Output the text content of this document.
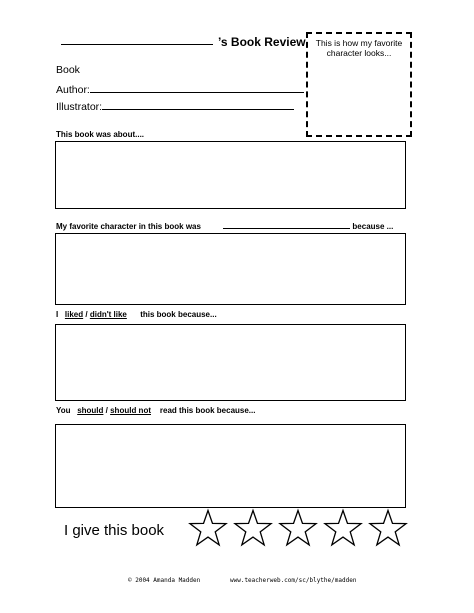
’s Book Review	This is how my favorite character looks...
Book
Author:
Illustrator:
This book was about....
My favorite character in this book was	because ...
I liked / didn't like this book because...
You should / should not read this book because...
I give this book
© 2004 Amanda Madden	www.teacherweb.com/sc/blythe/madden
